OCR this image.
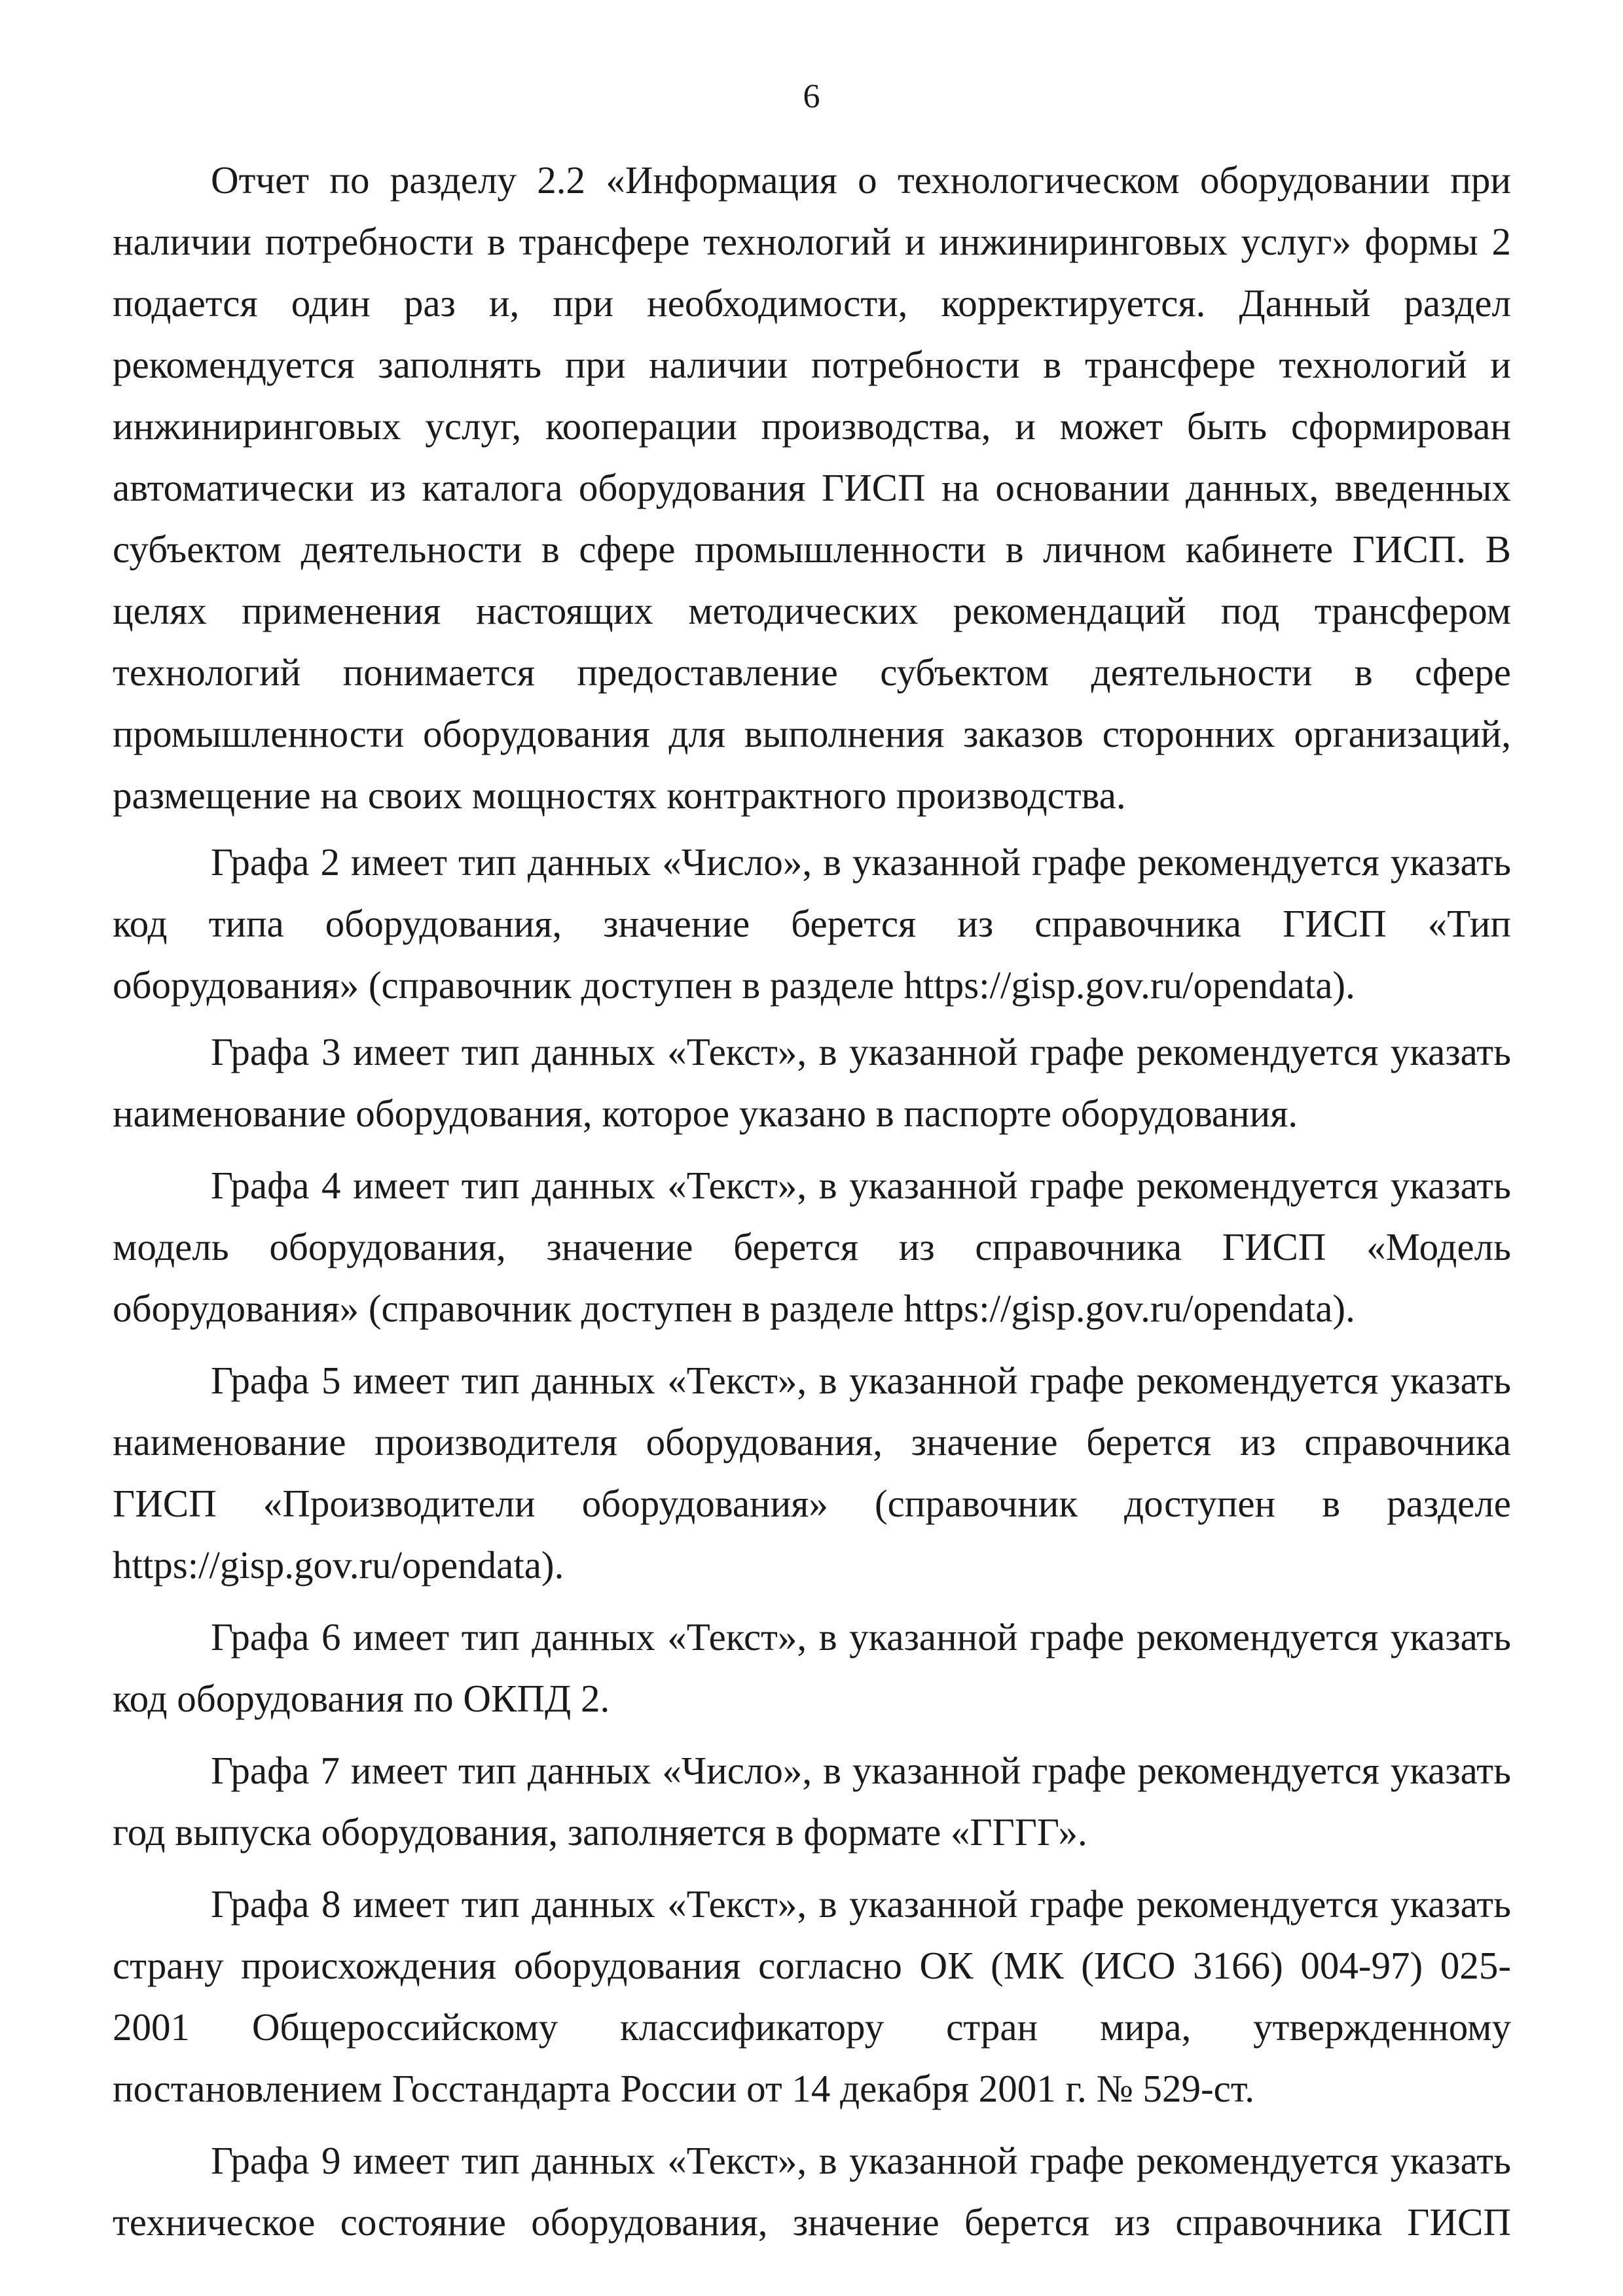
6

Отчет по разделу 2.2 «Информация о технологическом оборудовании при наличии потребности в трансфере технологий и инжиниринговых услуг» формы 2 подается один раз и, при необходимости, корректируется. Данный раздел рекомендуется заполнять при наличии потребности в трансфере технологий и инжиниринговых услуг, кооперации производства, и может быть сформирован автоматически из каталога оборудования ГИСП на основании данных, введенных субъектом деятельности в сфере промышленности в личном кабинете ГИСП. В целях применения настоящих методических рекомендаций под трансфером технологий понимается предоставление субъектом деятельности в сфере промышленности оборудования для выполнения заказов сторонних организаций, размещение на своих мощностях контрактного производства.

Графа 2 имеет тип данных «Число», в указанной графе рекомендуется указать код типа оборудования, значение берется из справочника ГИСП «Тип оборудования» (справочник доступен в разделе https://gisp.gov.ru/opendata).

Графа 3 имеет тип данных «Текст», в указанной графе рекомендуется указать наименование оборудования, которое указано в паспорте оборудования.

Графа 4 имеет тип данных «Текст», в указанной графе рекомендуется указать модель оборудования, значение берется из справочника ГИСП «Модель оборудования» (справочник доступен в разделе https://gisp.gov.ru/opendata).

Графа 5 имеет тип данных «Текст», в указанной графе рекомендуется указать наименование производителя оборудования, значение берется из справочника ГИСП «Производители оборудования» (справочник доступен в разделе https://gisp.gov.ru/opendata).

Графа 6 имеет тип данных «Текст», в указанной графе рекомендуется указать код оборудования по ОКПД 2.

Графа 7 имеет тип данных «Число», в указанной графе рекомендуется указать год выпуска оборудования, заполняется в формате «ГГГГ».

Графа 8 имеет тип данных «Текст», в указанной графе рекомендуется указать страну происхождения оборудования согласно ОК (МК (ИСО 3166) 004-97) 025-2001 Общероссийскому классификатору стран мира, утвержденному постановлением Госстандарта России от 14 декабря 2001 г. № 529-ст.

Графа 9 имеет тип данных «Текст», в указанной графе рекомендуется указать техническое состояние оборудования, значение берется из справочника ГИСП
